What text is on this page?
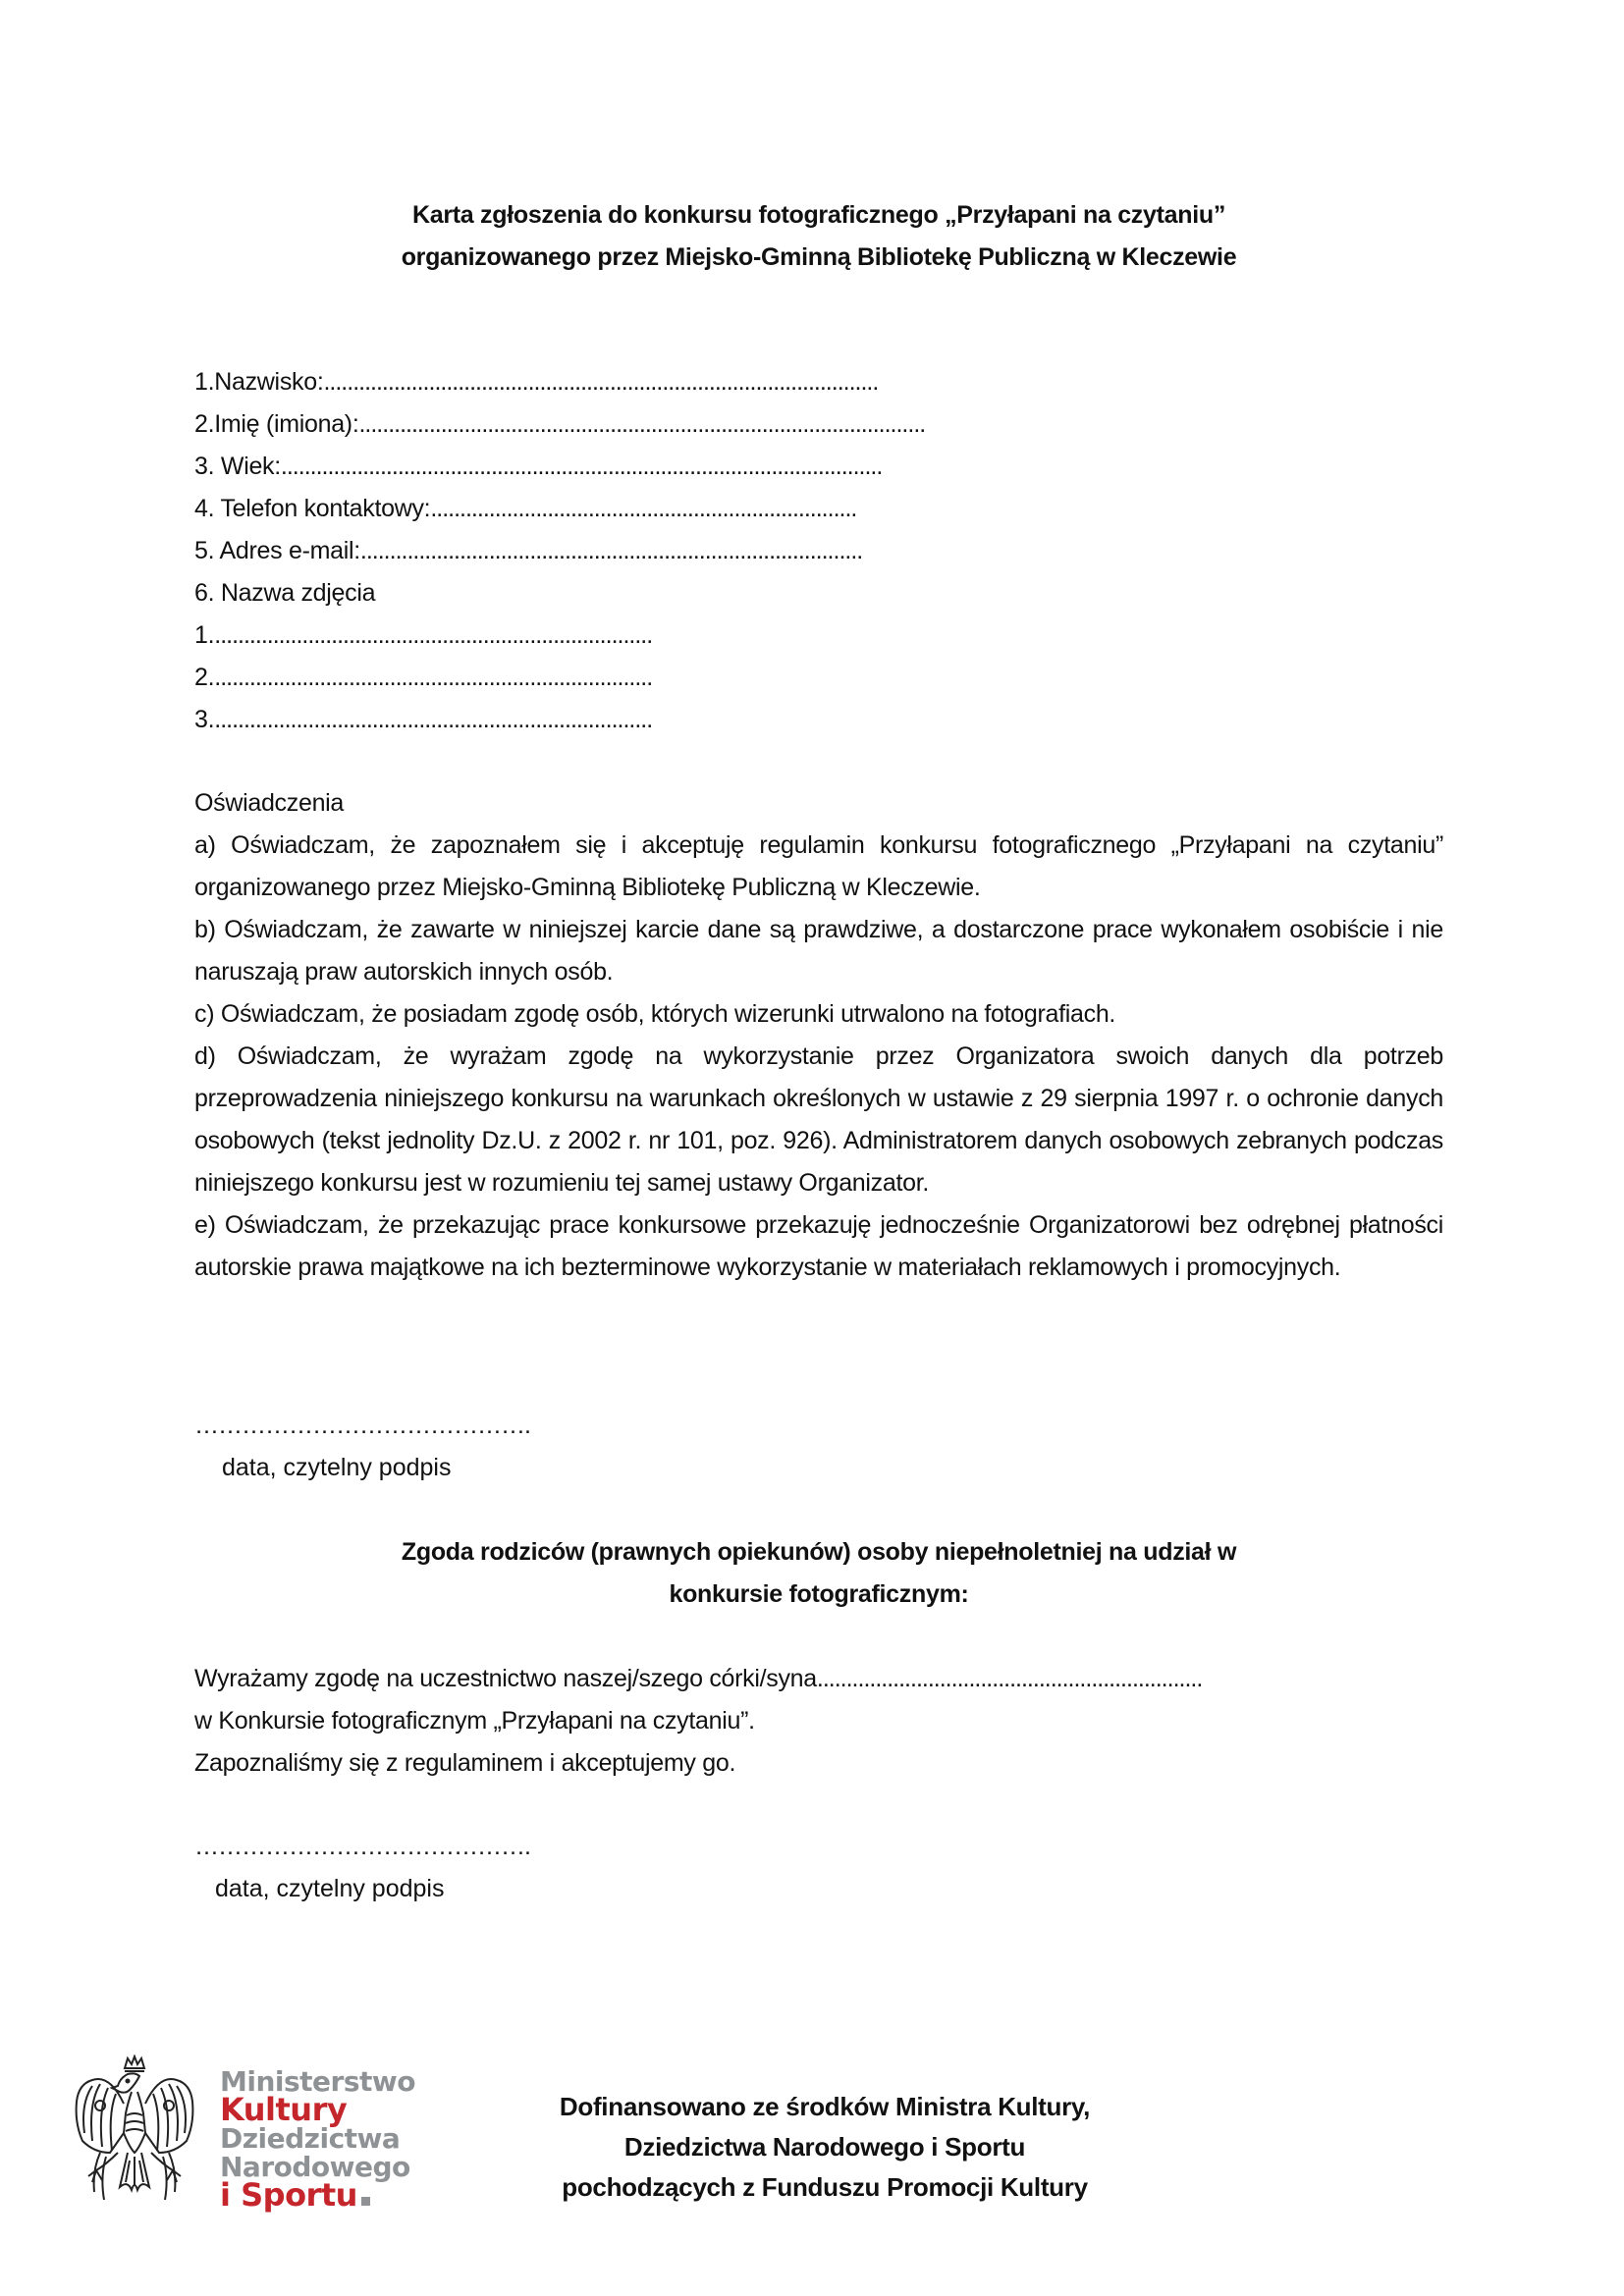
Karta zgłoszenia do konkursu fotograficznego „Przyłapani na czytaniu”
organizowanego przez Miejsko-Gminną Bibliotekę Publiczną w Kleczewie
1.Nazwisko: ...............................................................................................
2.Imię (imiona): .................................................................................................
3. Wiek: .......................................................................................................
4. Telefon kontaktowy: .........................................................................
5. Adres e-mail: ......................................................................................
6. Nazwa zdjęcia
1. ...........................................................................
2. ...........................................................................
3. ...........................................................................

Oświadczenia

a) Oświadczam, że zapoznałem się i akceptuję regulamin konkursu fotograficznego „Przyłapani na czytaniu” organizowanego przez Miejsko-Gminną Bibliotekę Publiczną w Kleczewie.

b) Oświadczam, że zawarte w niniejszej karcie dane są prawdziwe, a dostarczone prace wykonałem osobiście i nie naruszają praw autorskich innych osób.

c) Oświadczam, że posiadam zgodę osób, których wizerunki utrwalono na fotografiach.

d) Oświadczam, że wyrażam zgodę na wykorzystanie przez Organizatora swoich danych dla potrzeb przeprowadzenia niniejszego konkursu na warunkach określonych w ustawie z 29 sierpnia 1997 r. o ochronie danych osobowych (tekst jednolity Dz.U. z 2002 r. nr 101, poz. 926). Administratorem danych osobowych zebranych podczas niniejszego konkursu jest w rozumieniu tej samej ustawy Organizator.

e) Oświadczam, że przekazując prace konkursowe przekazuję jednocześnie Organizatorowi bez odrębnej płatności autorskie prawa majątkowe na ich bezterminowe wykorzystanie w materiałach reklamowych i promocyjnych.

…………………………………….
data, czytelny podpis
Zgoda rodziców (prawnych opiekunów) osoby niepełnoletniej na udział w
konkursie fotograficznym:
Wyrażamy zgodę na uczestnictwo naszej/szego córki/syna ..................................................................
w Konkursie fotograficznym „Przyłapani na czytaniu”.
Zapoznaliśmy się z regulaminem i akceptujemy go.
…………………………………….
data, czytelny podpis
Ministerstwo
Kultury
Dziedzictwa
Narodowego
i Sportu
Dofinansowano ze środków Ministra Kultury,
Dziedzictwa Narodowego i Sportu
pochodzących z Funduszu Promocji Kultury
